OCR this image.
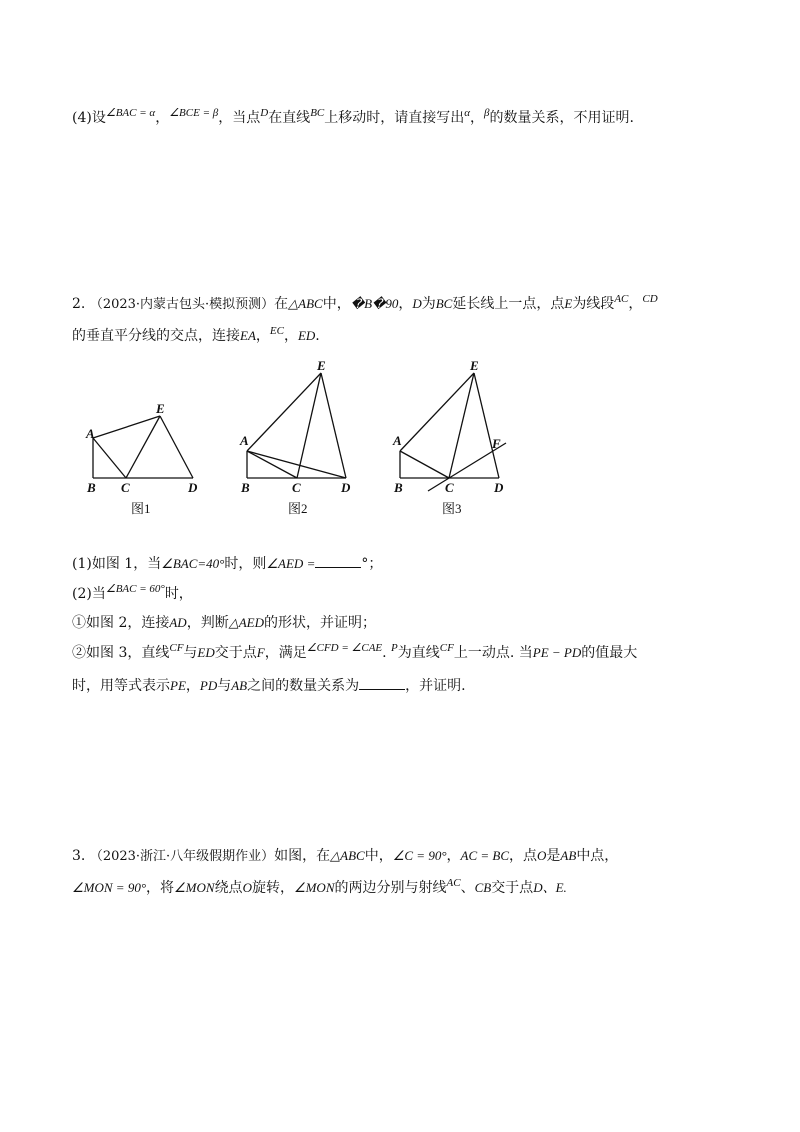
(4)设$^{\angle BAC = \alpha}$，$^{\angle BCE = \beta}$，当点$^D$在直线$^{BC}$上移动时，请直接写出$^\alpha$，$^\beta$的数量关系，不用证明.
2. （2023·内蒙古包头·模拟预测）在△ABC中，�B�90，D为BC延长线上一点，点E为线段$^{AC}$，$^{CD}$
的垂直平分线的交点，连接EA，$^{EC}$，ED.
A
B C	D
E
图1
A
B	C	D
E
图2
A
B	C	D
E
F
图3
(1)如图 1，当∠BAC=40°时，则∠AED =	°；
(2)当$^{\angle BAC = 60^\circ}$时，
①如图 2，连接AD，判断△AED的形状，并证明；
②如图 3，直线$^{CF}$与ED交于点F，满足$^{\angle CFD = \angle CAE}$. $^P$为直线$^{CF}$上一动点. 当PE − PD的值最大
时，用等式表示PE，PD与AB之间的数量关系为	，并证明.
3. （2023·浙江·八年级假期作业）如图，在△ABC中，∠C = 90°，AC = BC，点O是AB中点，
∠MON = 90°，将∠MON绕点O旋转，∠MON的两边分别与射线$^{AC}$、CB交于点D、E.
